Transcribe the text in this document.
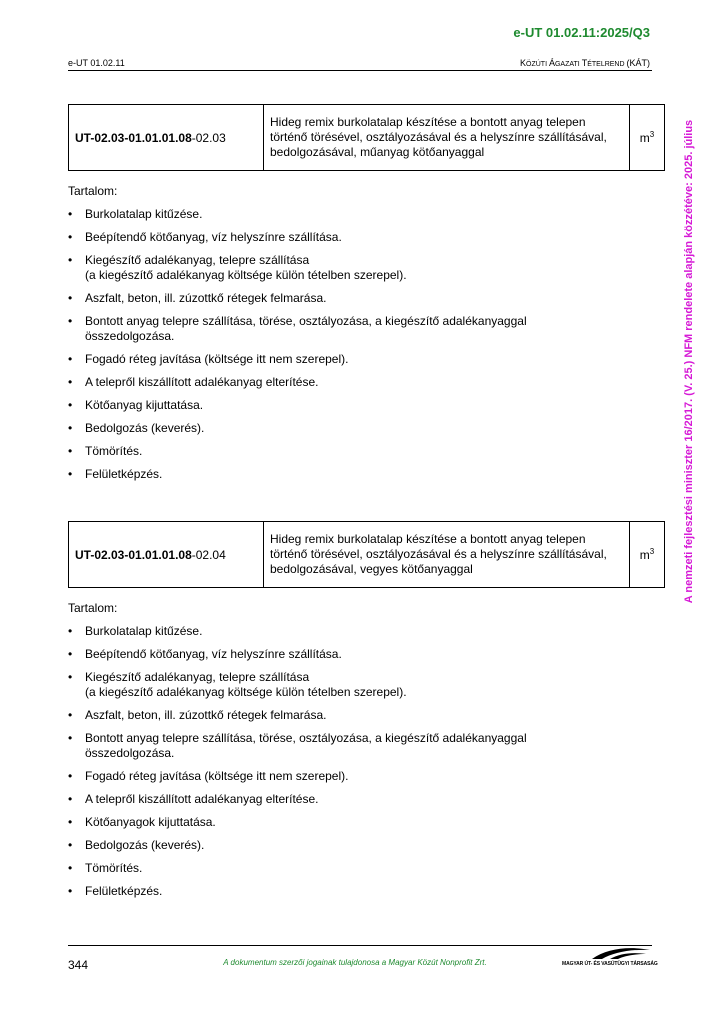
e-UT 01.02.11:2025/Q3
e-UT 01.02.11	KÖZÚTI ÁGAZATI TÉTELREND (KÁT)
A nemzeti fejlesztési miniszter 16/2017. (V. 25.) NFM rendelete alapján közzétéve: 2025. július
UT-02.03-01.01.01.08-02.03	Hideg remix burkolatalap készítése a bontott anyag telepen történő törésével, osztályozásával és a helyszínre szállításával, bedolgozásával, műanyag kötőanyaggal	$m^3$
Tartalom:
• Burkolatalap kitűzése.
• Beépítendő kötőanyag, víz helyszínre szállítása.
• Kiegészítő adalékanyag, telepre szállítása
(a kiegészítő adalékanyag költsége külön tételben szerepel).
• Aszfalt, beton, ill. zúzottkő rétegek felmarása.
• Bontott anyag telepre szállítása, törése, osztályozása, a kiegészítő adalékanyaggal
összedolgozása.
• Fogadó réteg javítása (költsége itt nem szerepel).
• A telepről kiszállított adalékanyag elterítése.
• Kötőanyag kijuttatása.
• Bedolgozás (keverés).
• Tömörítés.
• Felületképzés.
UT-02.03-01.01.01.08-02.04	Hideg remix burkolatalap készítése a bontott anyag telepen történő törésével, osztályozásával és a helyszínre szállításával, bedolgozásával, vegyes kötőanyaggal	$m^3$
Tartalom:
• Burkolatalap kitűzése.
• Beépítendő kötőanyag, víz helyszínre szállítása.
• Kiegészítő adalékanyag, telepre szállítása
(a kiegészítő adalékanyag költsége külön tételben szerepel).
• Aszfalt, beton, ill. zúzottkő rétegek felmarása.
• Bontott anyag telepre szállítása, törése, osztályozása, a kiegészítő adalékanyaggal
összedolgozása.
• Fogadó réteg javítása (költsége itt nem szerepel).
• A telepről kiszállított adalékanyag elterítése.
• Kötőanyagok kijuttatása.
• Bedolgozás (keverés).
• Tömörítés.
• Felületképzés.
344	A dokumentum szerzői jogainak tulajdonosa a Magyar Közút Nonprofit Zrt.	MAGYAR ÚT- ÉS VASÚTÜGYI TÁRSASÁG
